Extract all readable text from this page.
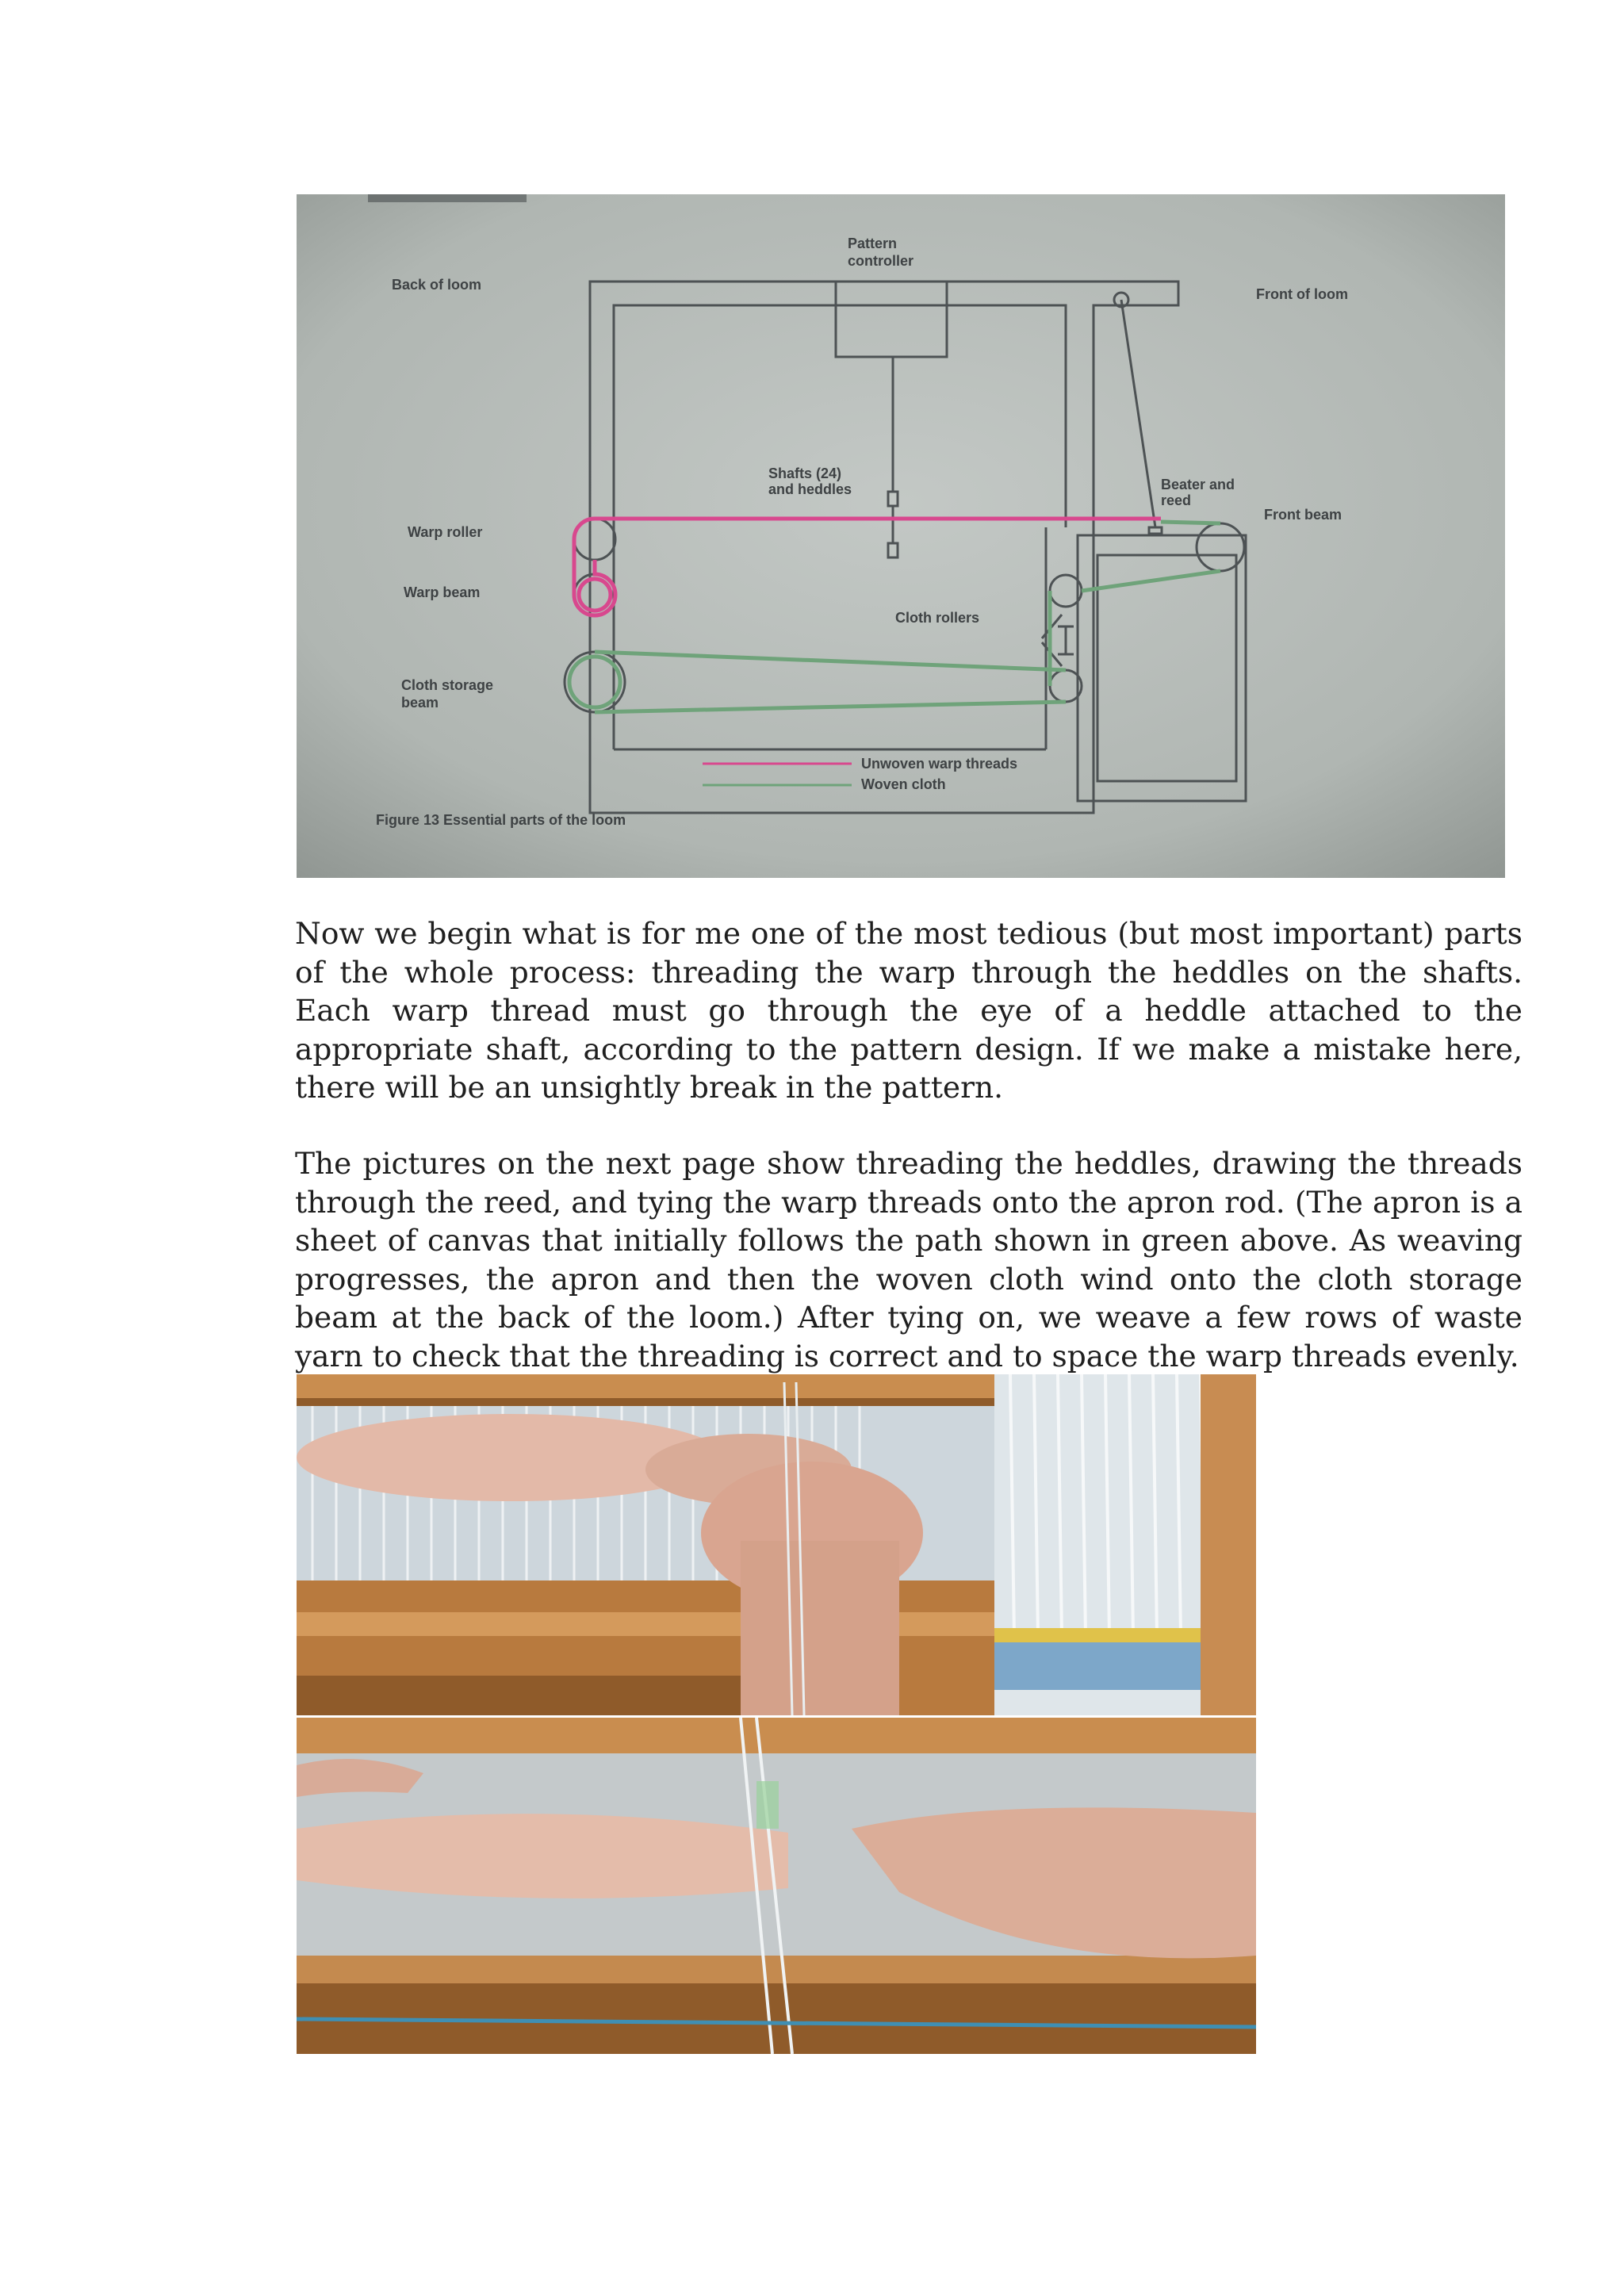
Back of loom
Pattern
controller
Front of loom
Shafts (24)
and heddles	Beater and
reed
Front beam
Warp roller
Warp beam
Cloth rollers
Cloth storage
beam
Unwoven warp threads
Woven cloth
Figure 13 Essential parts of the loom

Now we begin what is for me one of the most tedious (but most important) parts of the whole process: threading the warp through the heddles on the shafts. Each warp thread must go through the eye of a heddle attached to the appropriate shaft, according to the pattern design. If we make a mistake here, there will be an unsightly break in the pattern.

The pictures on the next page show threading the heddles, drawing the threads through the reed, and tying the warp threads onto the apron rod. (The apron is a sheet of canvas that initially follows the path shown in green above. As weaving progresses, the apron and then the woven cloth wind onto the cloth storage beam at the back of the loom.) After tying on, we weave a few rows of waste yarn to check that the threading is correct and to space the warp threads evenly.
